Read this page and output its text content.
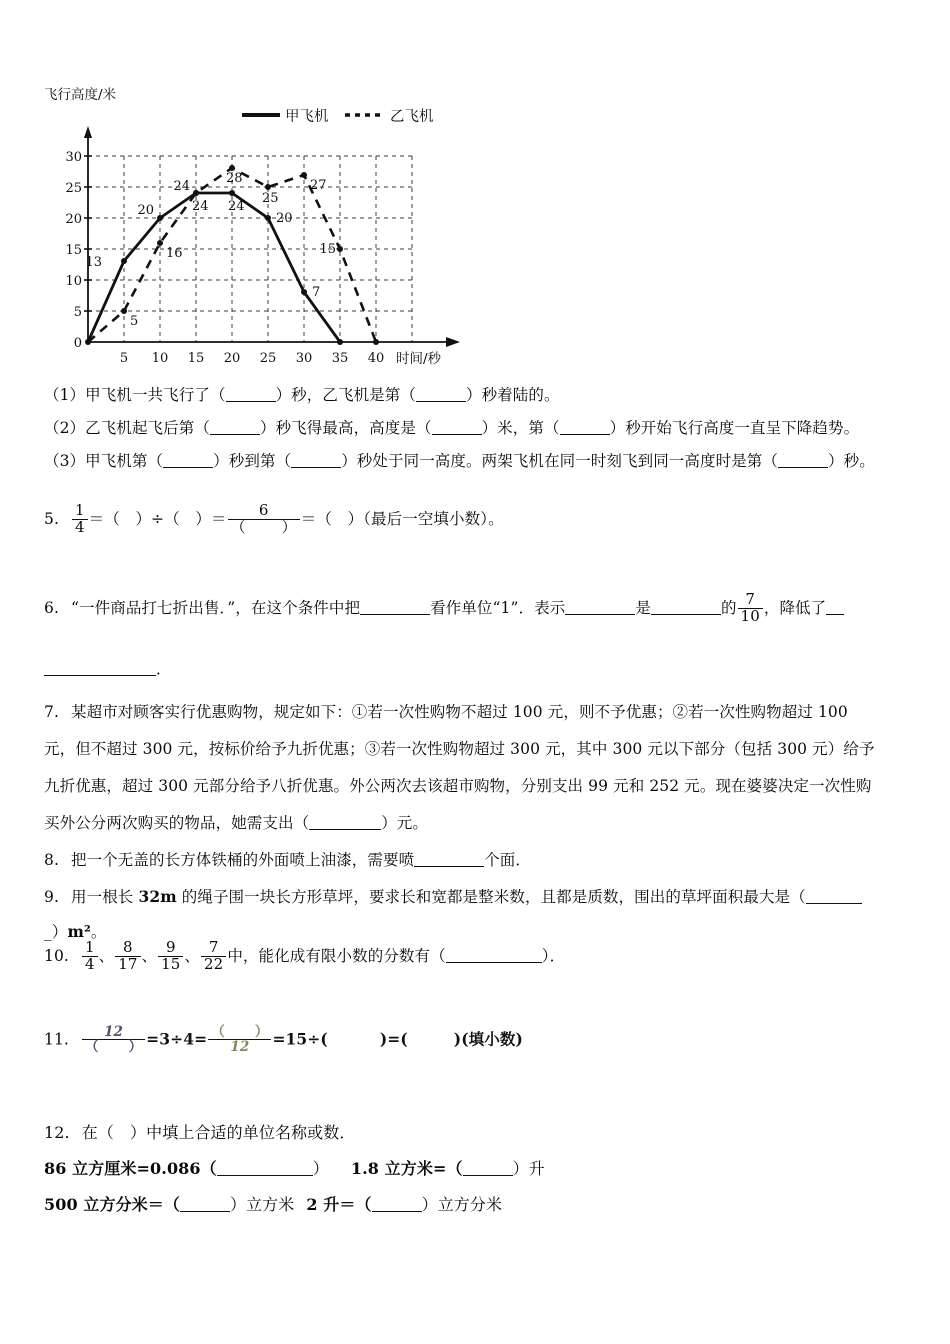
飞行高度/米
甲飞机	乙飞机
0
5
10
15
20
25
30
5 10 15 20 25 30 35 40 时间/秒
13
20
24
24 24
20
7
5
16
28
25
27
15
（1）甲飞机一共飞行了（	）秒，乙飞机是第（	）秒着陆的。
（2）乙飞机起飞后第（	）秒飞得最高，高度是（	）米，第（	）秒开始飞行高度一直呈下降趋势。
（3）甲飞机第（	）秒到第（	）秒处于同一高度。两架飞机在同一时刻飞到同一高度时是第（	）秒。
5. $\frac{1}{4}$ ＝（　）÷（　）＝ $\frac{6}{( )}$ ＝（　）（最后一空填小数）。
6. “一件商品打七折出售．”，在这个条件中把	看作单位“1”．表示	是	的 $\frac{7}{10}$ ，降低了
．
7. 某超市对顾客实行优惠购物，规定如下：①若一次性购物不超过 100 元，则不予优惠；②若一次性购物超过 100
元，但不超过 300 元，按标价给予九折优惠；③若一次性购物超过 300 元，其中 300 元以下部分（包括 300 元）给予
九折优惠，超过 300 元部分给予八折优惠。外公两次去该超市购物，分别支出 99 元和 252 元。现在婆婆决定一次性购
买外公分两次购买的物品，她需支出（	）元。
8. 把一个无盖的长方体铁桶的外面喷上油漆，需要喷	个面．
9. 用一根长 32m 的绳子围一块长方形草坪，要求长和宽都是整米数，且都是质数，围出的草坪面积最大是（
_）m²。
10. $\frac{1}{4}$ 、 $\frac{8}{17}$ 、 $\frac{9}{15}$ 、 $\frac{7}{22}$ 中，能化成有限小数的分数有（	）．
11. $\frac{12}{( )} =3\div 4= \frac{( )}{12} =15\div$(	)=(	)(填小数)
12. 在（　）中填上合适的单位名称或数．
86 立方厘米=0.086（	） 1.8 立方米=（	）升
500 立方分米＝（	）立方米 2 升＝（	）立方分米
